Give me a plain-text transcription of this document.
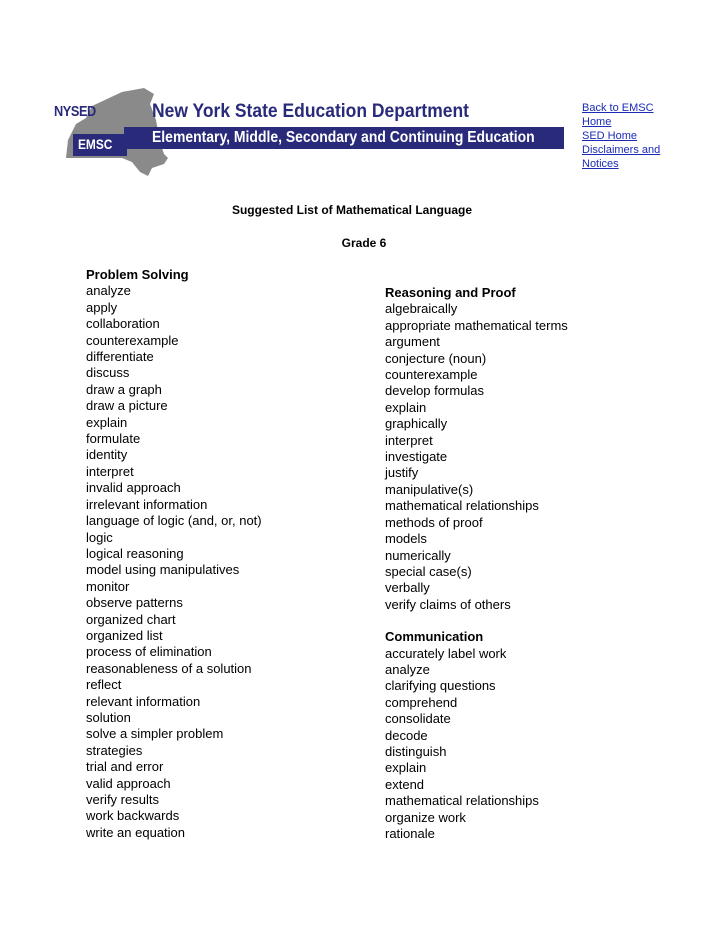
NYSED
EMSC
New York State Education Department
Elementary, Middle, Secondary and Continuing Education
Back to EMSC Home
SED Home
Disclaimers and Notices
Suggested List of Mathematical Language
Grade 6
Problem Solving
analyze
apply
collaboration
counterexample
differentiate
discuss
draw a graph
draw a picture
explain
formulate
identity
interpret
invalid approach
irrelevant information
language of logic (and, or, not)
logic
logical reasoning
model using manipulatives
monitor
observe patterns
organized chart
organized list
process of elimination
reasonableness of a solution
reflect
relevant information
solution
solve a simpler problem
strategies
trial and error
valid approach
verify results
work backwards
write an equation
Reasoning and Proof
algebraically
appropriate mathematical terms
argument
conjecture (noun)
counterexample
develop formulas
explain
graphically
interpret
investigate
justify
manipulative(s)
mathematical relationships
methods of proof
models
numerically
special case(s)
verbally
verify claims of others
Communication
accurately label work
analyze
clarifying questions
comprehend
consolidate
decode
distinguish
explain
extend
mathematical relationships
organize work
rationale
